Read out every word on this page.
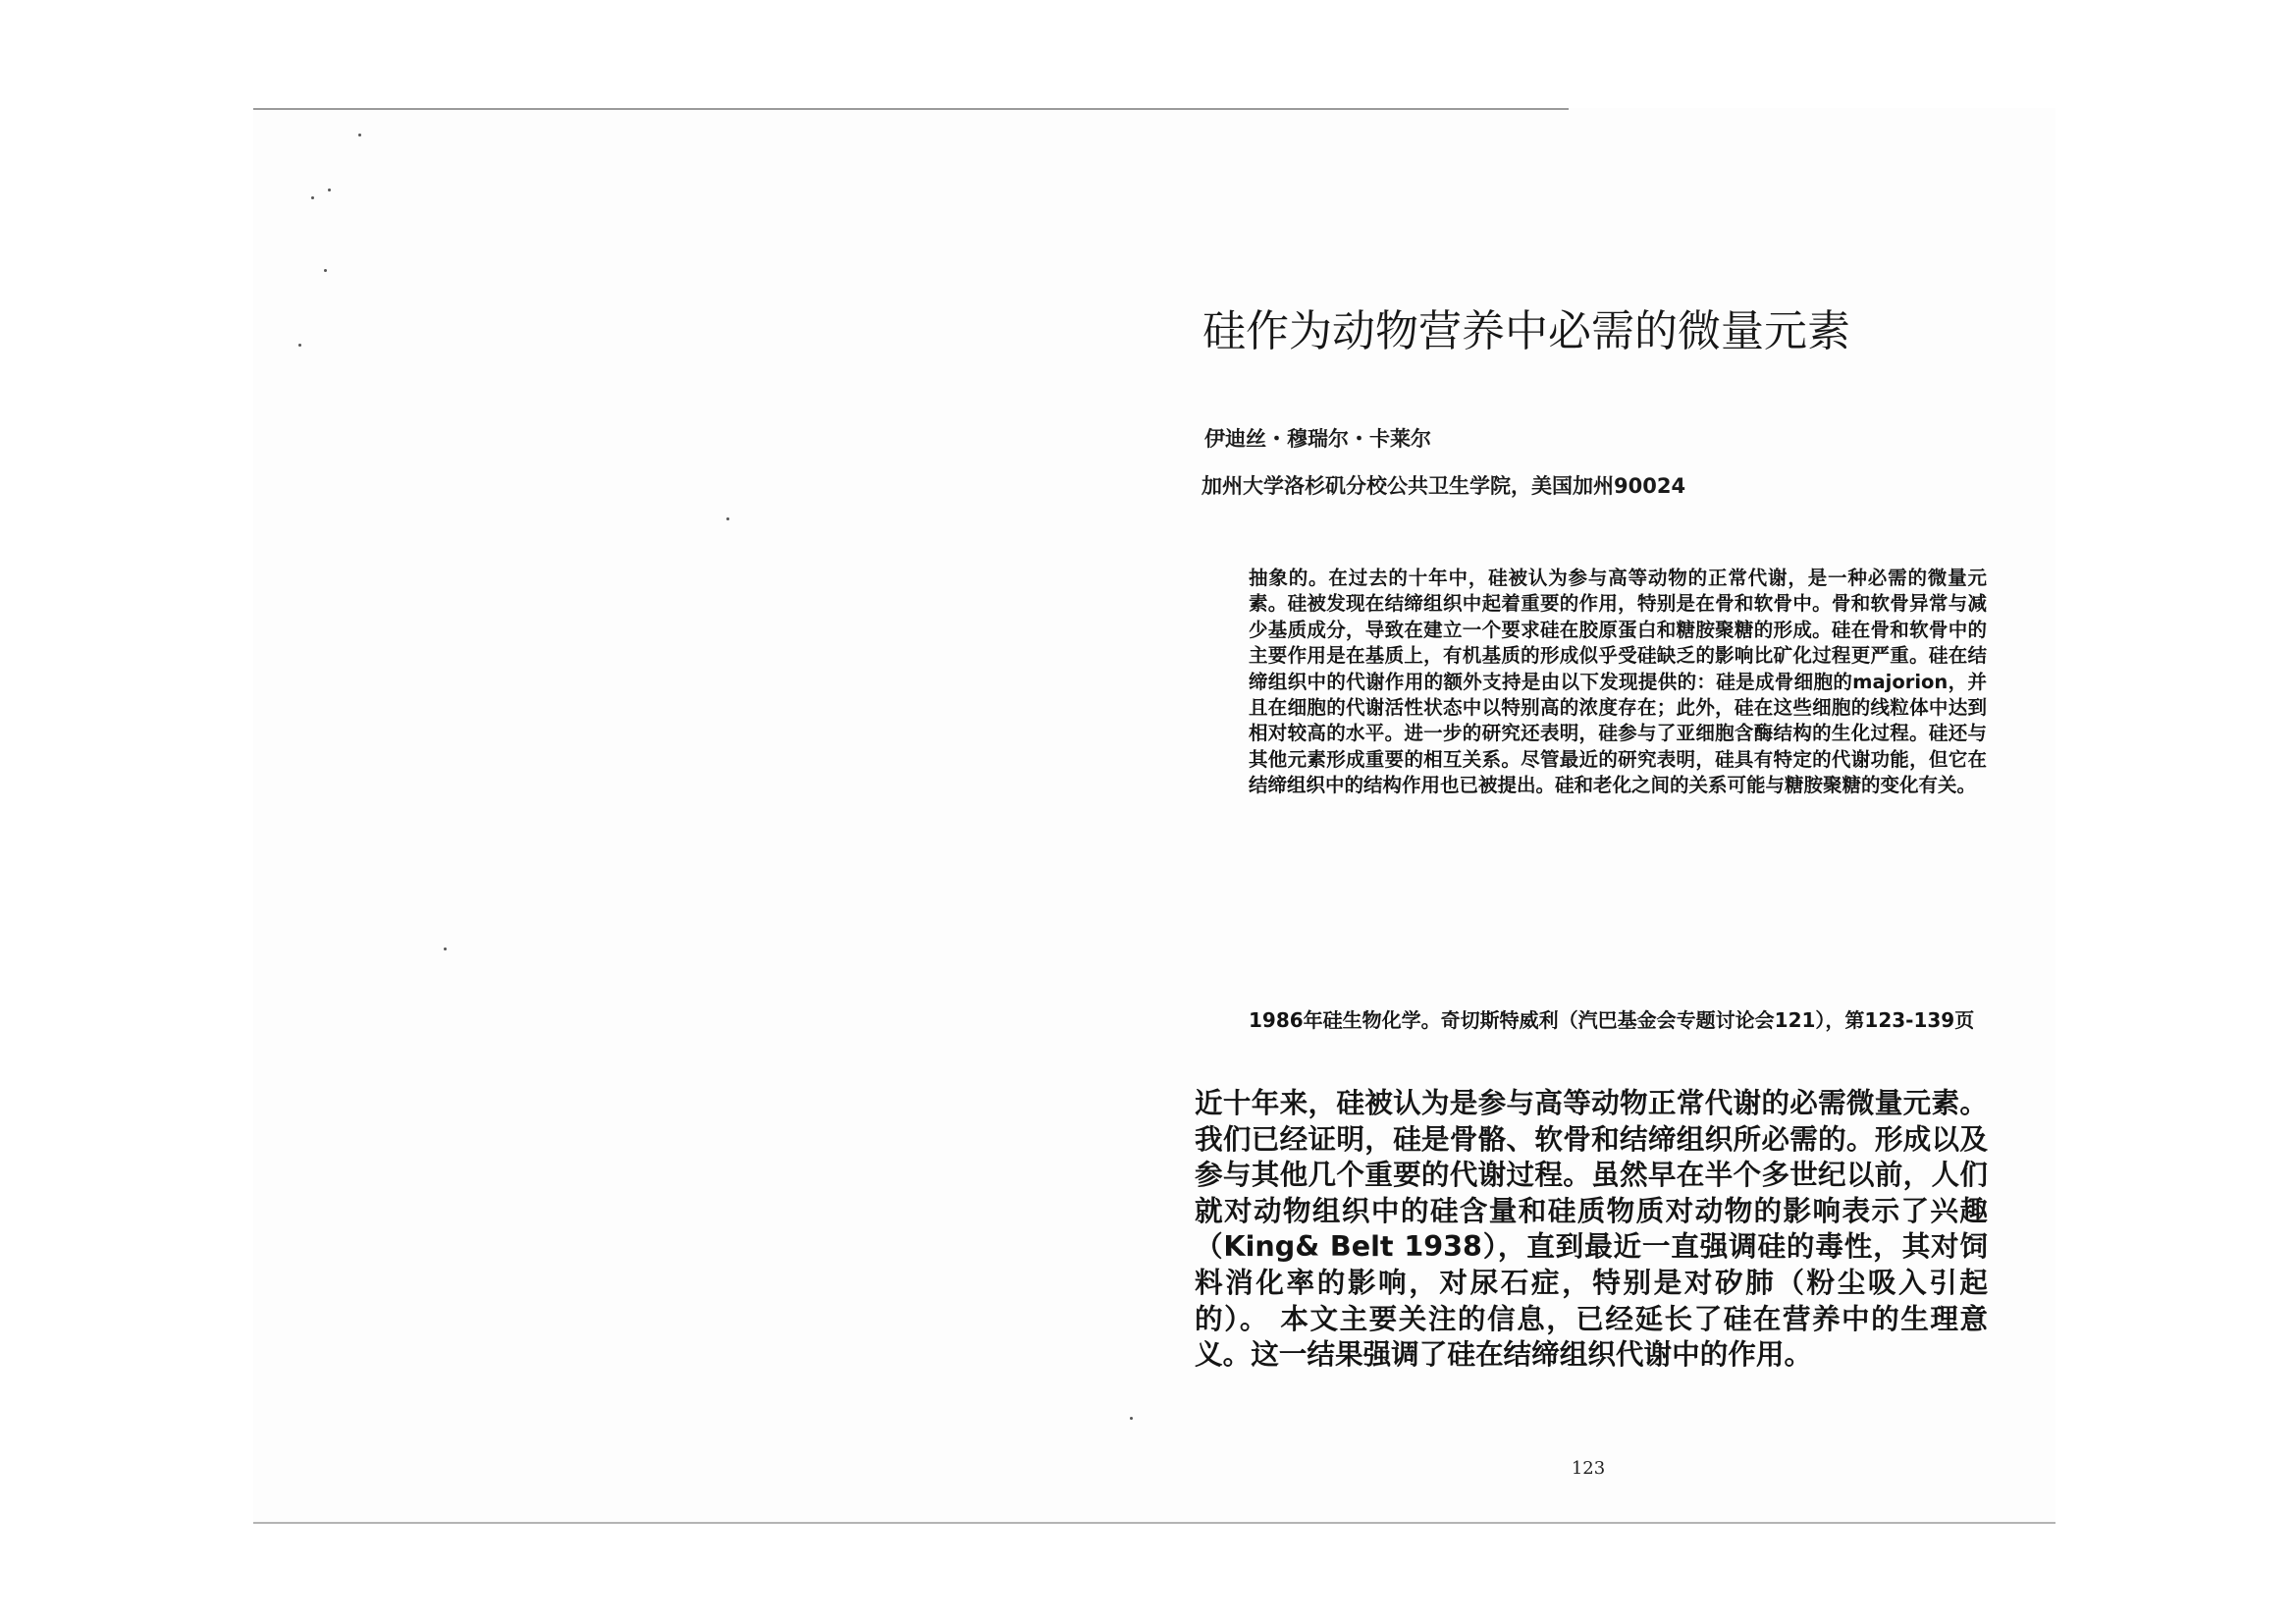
硅作为动物营养中必需的微量元素
伊迪丝・穆瑞尔・卡莱尔
加州大学洛杉矶分校公共卫生学院，美国加州90024

抽象的。在过去的十年中，硅被认为参与高等动物的正常代谢，是一种必需的微量元素。硅被发现在结缔组织中起着重要的作用，特别是在骨和软骨中。骨和软骨异常与减少基质成分，导致在建立一个要求硅在胶原蛋白和糖胺聚糖的形成。硅在骨和软骨中的主要作用是在基质上，有机基质的形成似乎受硅缺乏的影响比矿化过程更严重。硅在结缔组织中的代谢作用的额外支持是由以下发现提供的：硅是成骨细胞的majorion，并且在细胞的代谢活性状态中以特别高的浓度存在；此外，硅在这些细胞的线粒体中达到相对较高的水平。进一步的研究还表明，硅参与了亚细胞含酶结构的生化过程。硅还与其他元素形成重要的相互关系。尽管最近的研究表明，硅具有特定的代谢功能，但它在结缔组织中的结构作用也已被提出。硅和老化之间的关系可能与糖胺聚糖的变化有关。

1986年硅生物化学。奇切斯特威利（汽巴基金会专题讨论会121），第123-139页

近十年来，硅被认为是参与高等动物正常代谢的必需微量元素。我们已经证明，硅是骨骼、软骨和结缔组织所必需的。形成以及参与其他几个重要的代谢过程。虽然早在半个多世纪以前，人们就对动物组织中的硅含量和硅质物质对动物的影响表示了兴趣（King& Belt 1938），直到最近一直强调硅的毒性，其对饲料消化率的影响，对尿石症，特别是对矽肺（粉尘吸入引起的）。 本文主要关注的信息，已经延长了硅在营养中的生理意义。这一结果强调了硅在结缔组织代谢中的作用。

123
